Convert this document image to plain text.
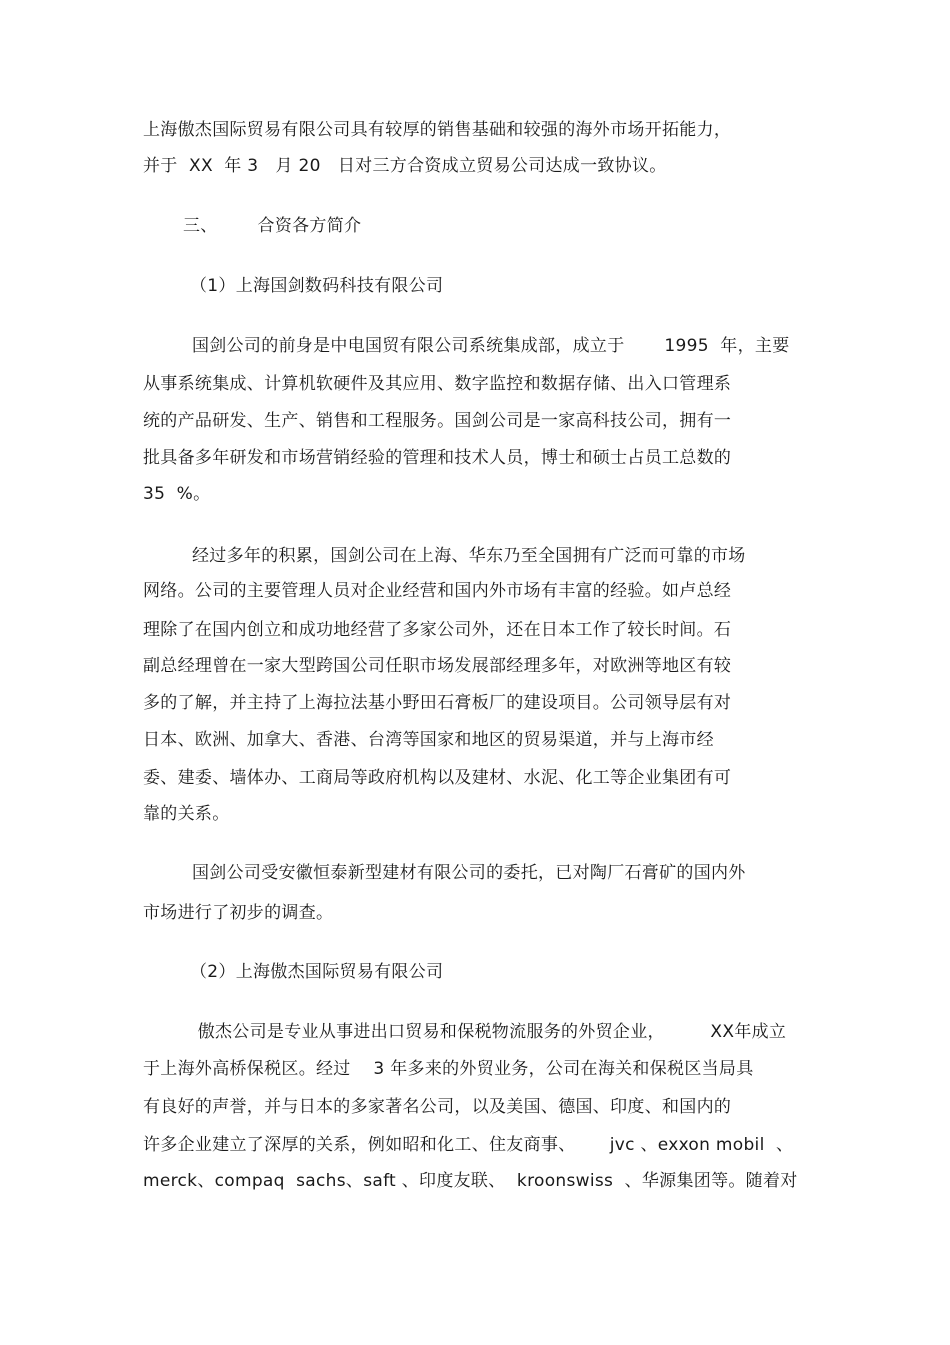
上海傲杰国际贸易有限公司具有较厚的销售基础和较强的海外市场开拓能力，
并于  XX  年 3   月 20   日对三方合资成立贸易公司达成一致协议。
三、       合资各方简介
（1）上海国剑数码科技有限公司
国剑公司的前身是中电国贸有限公司系统集成部，成立于       1995  年，主要
从事系统集成、计算机软硬件及其应用、数字监控和数据存储、出入口管理系
统的产品研发、生产、销售和工程服务。国剑公司是一家高科技公司，拥有一
批具备多年研发和市场营销经验的管理和技术人员，博士和硕士占员工总数的
35  %。
经过多年的积累，国剑公司在上海、华东乃至全国拥有广泛而可靠的市场
网络。公司的主要管理人员对企业经营和国内外市场有丰富的经验。如卢总经
理除了在国内创立和成功地经营了多家公司外，还在日本工作了较长时间。石
副总经理曾在一家大型跨国公司任职市场发展部经理多年，对欧洲等地区有较
多的了解，并主持了上海拉法基小野田石膏板厂的建设项目。公司领导层有对
日本、欧洲、加拿大、香港、台湾等国家和地区的贸易渠道，并与上海市经
委、建委、墙体办、工商局等政府机构以及建材、水泥、化工等企业集团有可
靠的关系。
国剑公司受安徽恒泰新型建材有限公司的委托，已对陶厂石膏矿的国内外
市场进行了初步的调查。
（2）上海傲杰国际贸易有限公司
傲杰公司是专业从事进出口贸易和保税物流服务的外贸企业，        XX年成立
于上海外高桥保税区。经过    3 年多来的外贸业务，公司在海关和保税区当局具
有良好的声誉，并与日本的多家著名公司，以及美国、德国、印度、和国内的
许多企业建立了深厚的关系，例如昭和化工、住友商事、      jvc 、exxon mobil  、
merck、compaq  sachs、saft 、印度友联、  kroonswiss  、华源集团等。随着对
